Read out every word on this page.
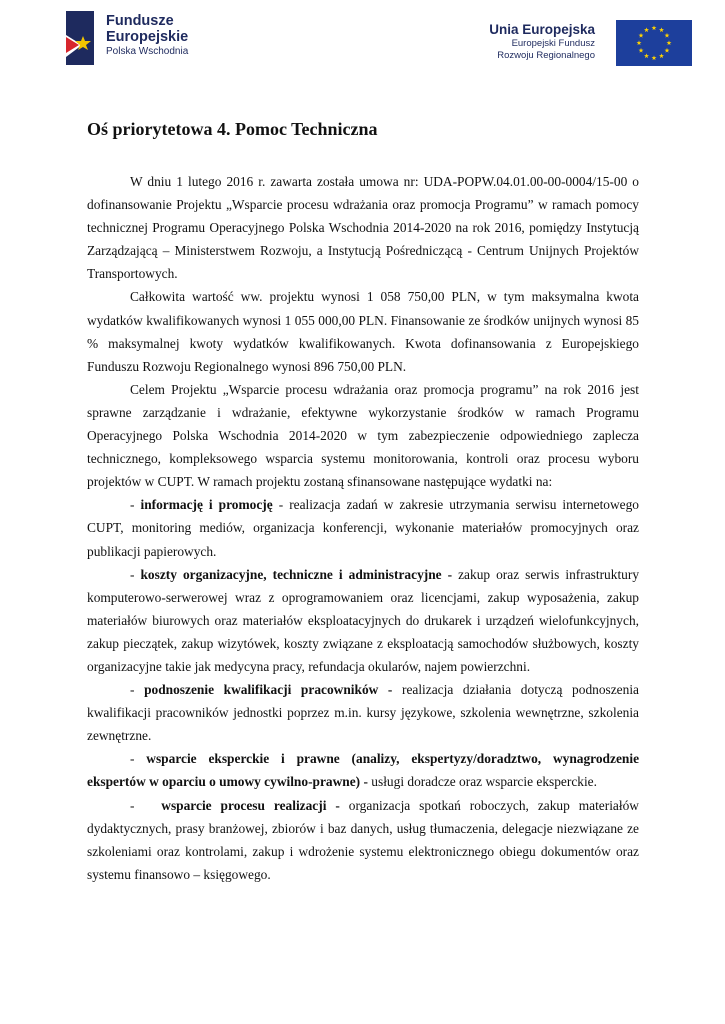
Fundusze
Europejskie
Polska Wschodnia
Unia Europejska
Europejski Fundusz
Rozwoju Regionalnego
Oś priorytetowa 4. Pomoc Techniczna

W dniu 1 lutego 2016 r. zawarta została umowa nr: UDA-POPW.04.01.00-00-0004/15-00 o dofinansowanie Projektu „Wsparcie procesu wdrażania oraz promocja Programu” w ramach pomocy technicznej Programu Operacyjnego Polska Wschodnia 2014-2020 na rok 2016, pomiędzy Instytucją Zarządzającą – Ministerstwem Rozwoju, a Instytucją Pośredniczącą - Centrum Unijnych Projektów Transportowych.

Całkowita wartość ww. projektu wynosi 1 058 750,00 PLN, w tym maksymalna kwota wydatków kwalifikowanych wynosi 1 055 000,00 PLN. Finansowanie ze środków unijnych wynosi 85 % maksymalnej kwoty wydatków kwalifikowanych. Kwota dofinansowania z Europejskiego Funduszu Rozwoju Regionalnego wynosi 896 750,00 PLN.

Celem Projektu „Wsparcie procesu wdrażania oraz promocja programu” na rok 2016 jest sprawne zarządzanie i wdrażanie, efektywne wykorzystanie środków w ramach Programu Operacyjnego Polska Wschodnia 2014-2020 w tym zabezpieczenie odpowiedniego zaplecza technicznego, kompleksowego wsparcia systemu monitorowania, kontroli oraz procesu wyboru projektów w CUPT. W ramach projektu zostaną sfinansowane następujące wydatki na:

- informację i promocję - realizacja zadań w zakresie utrzymania serwisu internetowego CUPT, monitoring mediów, organizacja konferencji, wykonanie materiałów promocyjnych oraz publikacji papierowych.

- koszty organizacyjne, techniczne i administracyjne - zakup oraz serwis infrastruktury komputerowo-serwerowej wraz z oprogramowaniem oraz licencjami, zakup wyposażenia, zakup materiałów biurowych oraz materiałów eksploatacyjnych do drukarek i urządzeń wielofunkcyjnych, zakup pieczątek, zakup wizytówek, koszty związane z eksploatacją samochodów służbowych, koszty organizacyjne takie jak medycyna pracy, refundacja okularów, najem powierzchni.

- podnoszenie kwalifikacji pracowników - realizacja działania dotyczą podnoszenia kwalifikacji pracowników jednostki poprzez m.in. kursy językowe, szkolenia wewnętrzne, szkolenia zewnętrzne.

- wsparcie eksperckie i prawne (analizy, ekspertyzy/doradztwo, wynagrodzenie ekspertów w oparciu o umowy cywilno-prawne) - usługi doradcze oraz wsparcie eksperckie.

-   wsparcie procesu realizacji - organizacja spotkań roboczych, zakup materiałów dydaktycznych, prasy branżowej, zbiorów i baz danych, usług tłumaczenia, delegacje niezwiązane ze szkoleniami oraz kontrolami, zakup i wdrożenie systemu elektronicznego obiegu dokumentów oraz systemu finansowo – księgowego.
